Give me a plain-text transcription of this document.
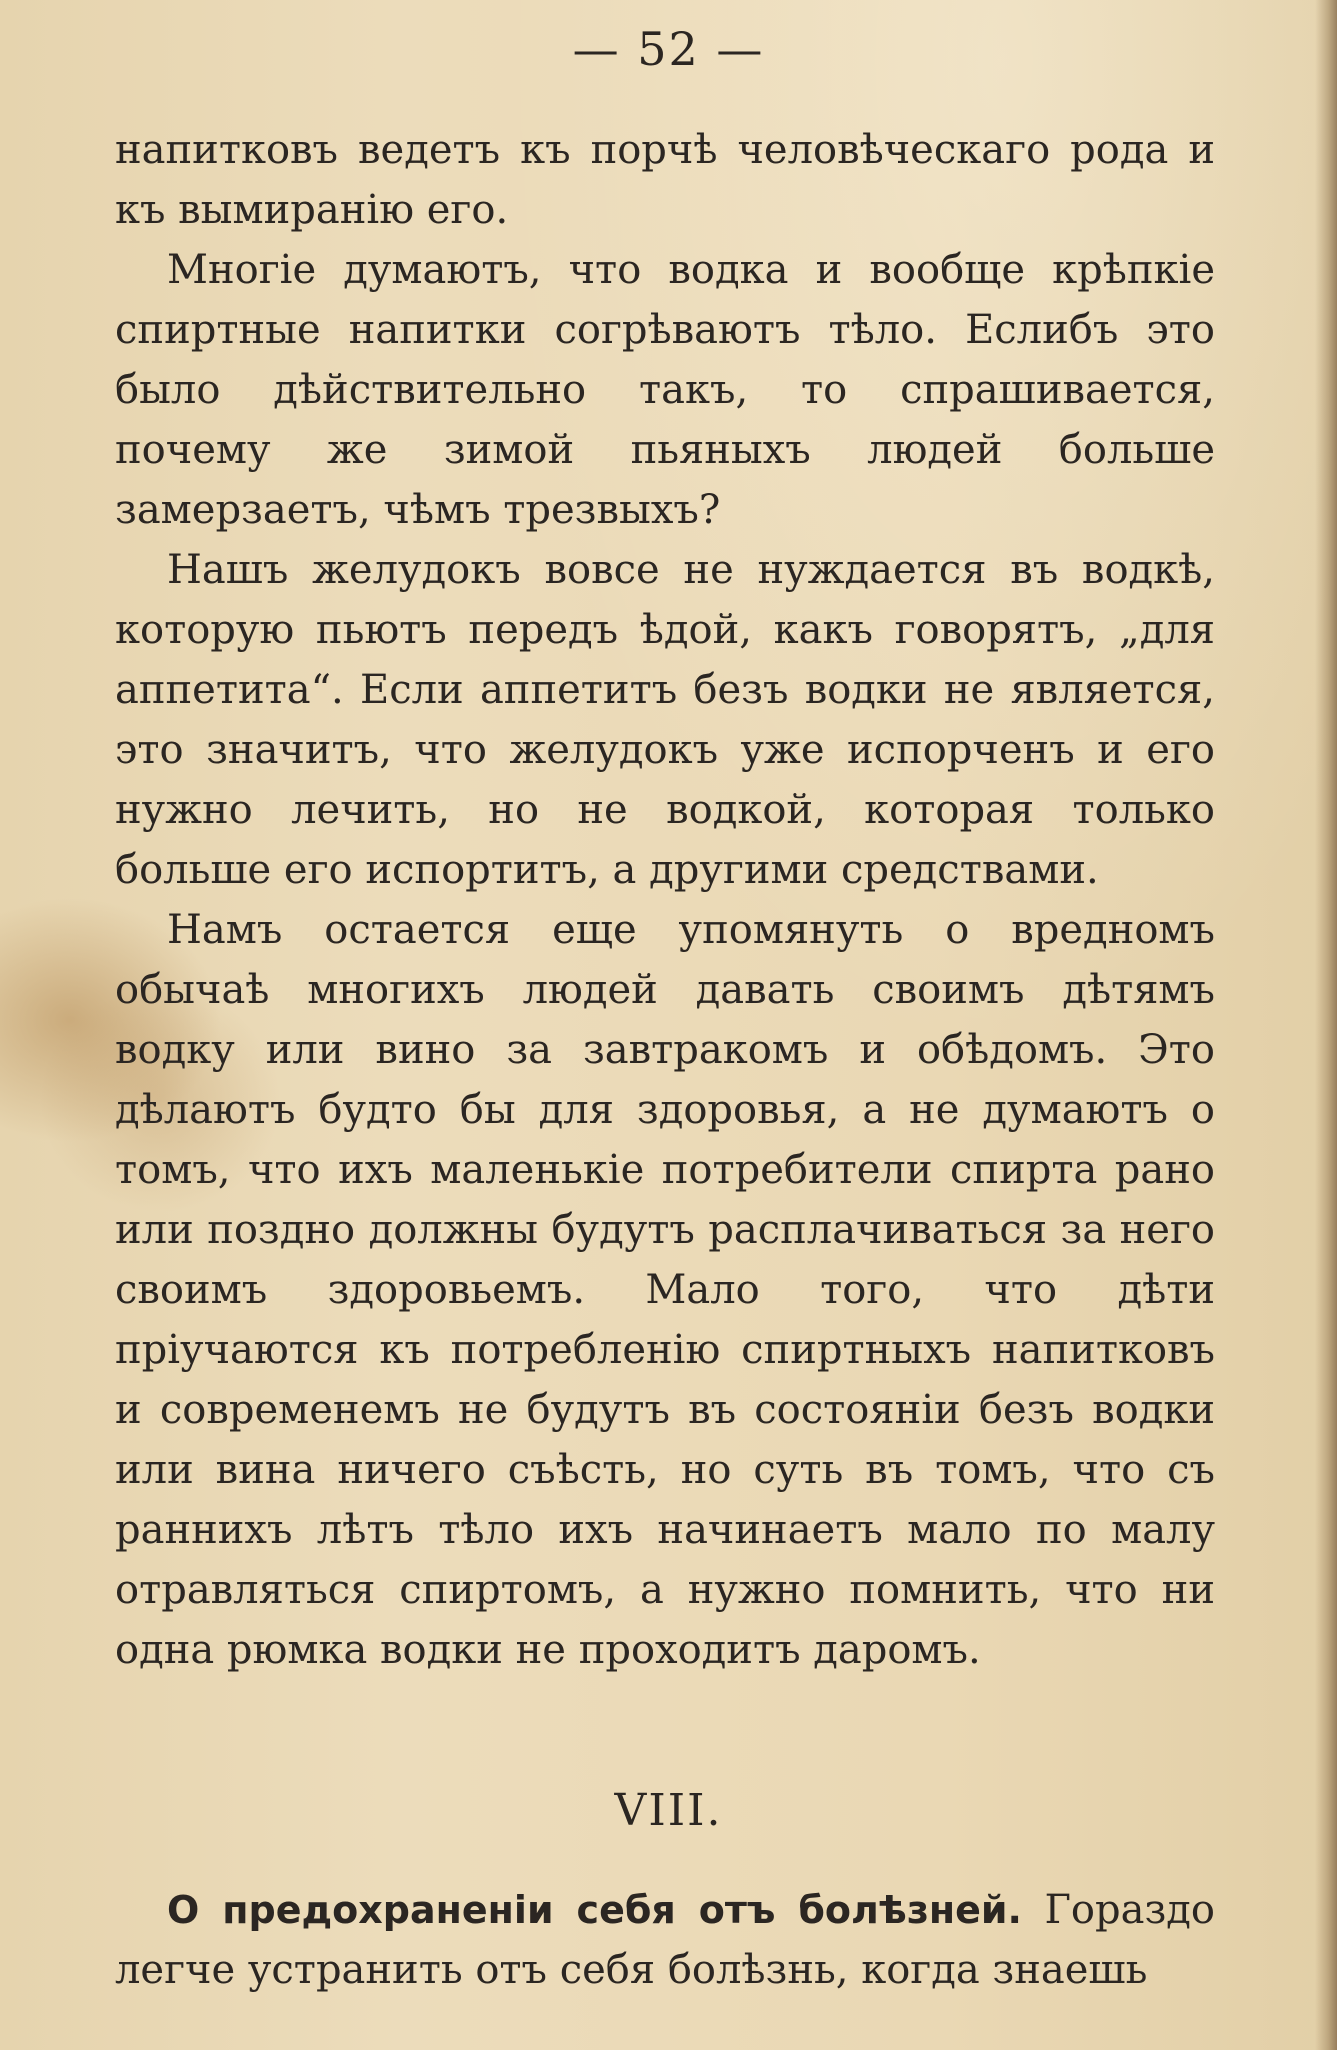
— 52 —

напитковъ ведетъ къ порчѣ человѣческаго рода и къ вымиранiю его.

Многiе думаютъ, что водка и вообще крѣпкiе спиртные напитки согрѣваютъ тѣло. Еслибъ это было дѣйствительно такъ, то спрашивается, почему же зимой пьяныхъ людей больше замерзаетъ, чѣмъ трезвыхъ?

Нашъ желудокъ вовсе не нуждается въ водкѣ, которую пьютъ передъ ѣдой, какъ говорятъ, „для аппетита“. Если аппетитъ безъ водки не является, это значитъ, что желудокъ уже испорченъ и его нужно лечить, но не водкой, которая только больше его испортитъ, а другими средствами.

Намъ остается еще упомянуть о вредномъ обычаѣ многихъ людей давать своимъ дѣтямъ водку или вино за завтракомъ и обѣдомъ. Это дѣлаютъ будто бы для здоровья, а не думаютъ о томъ, что ихъ маленькiе потребители спирта рано или поздно должны будутъ расплачиваться за него своимъ здоровьемъ. Мало того, что дѣти прiучаются къ потребленiю спиртныхъ напитковъ и современемъ не будутъ въ состоянiи безъ водки или вина ничего съѣсть, но суть въ томъ, что съ раннихъ лѣтъ тѣло ихъ начинаетъ мало по малу отравляться спиртомъ, а нужно помнить, что ни одна рюмка водки не проходитъ даромъ.

VIII.

О предохраненiи себя отъ болѣзней. Гораздо легче устранить отъ себя болѣзнь, когда знаешь
